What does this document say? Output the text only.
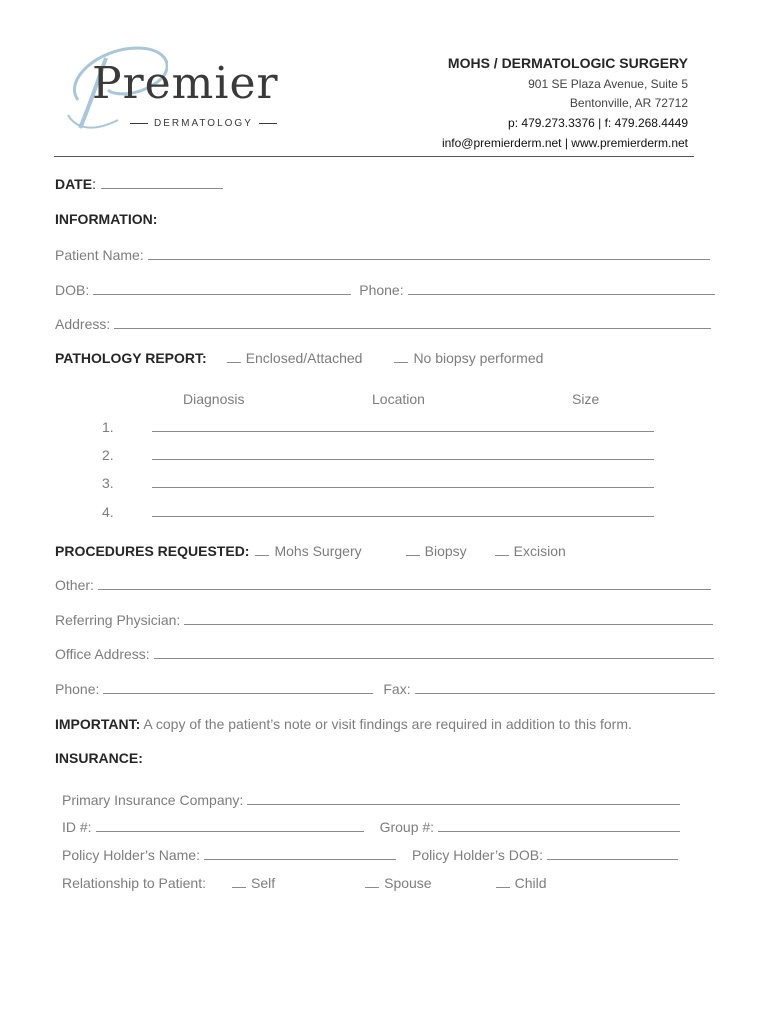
Premier
DERMATOLOGY
MOHS / DERMATOLOGIC SURGERY
901 SE Plaza Avenue, Suite 5
Bentonville, AR 72712
p: 479.273.3376 | f: 479.268.4449
info@premierderm.net | www.premierderm.net
DATE :
INFORMATION:
Patient Name:
DOB:	Phone:
Address:
PATHOLOGY REPORT:	Enclosed/Attached	No biopsy performed
Diagnosis	Location	Size
1.
2.
3.
4.
PROCEDURES REQUESTED: Mohs Surgery	Biopsy	Excision
Other:
Referring Physician:
Office Address:
Phone:	Fax:
IMPORTANT: A copy of the patient’s note or visit findings are required in addition to this form.
INSURANCE:
Primary Insurance Company:
ID #:	Group #:
Policy Holder’s Name:	Policy Holder’s DOB:
Relationship to Patient:	Self	Spouse	Child
